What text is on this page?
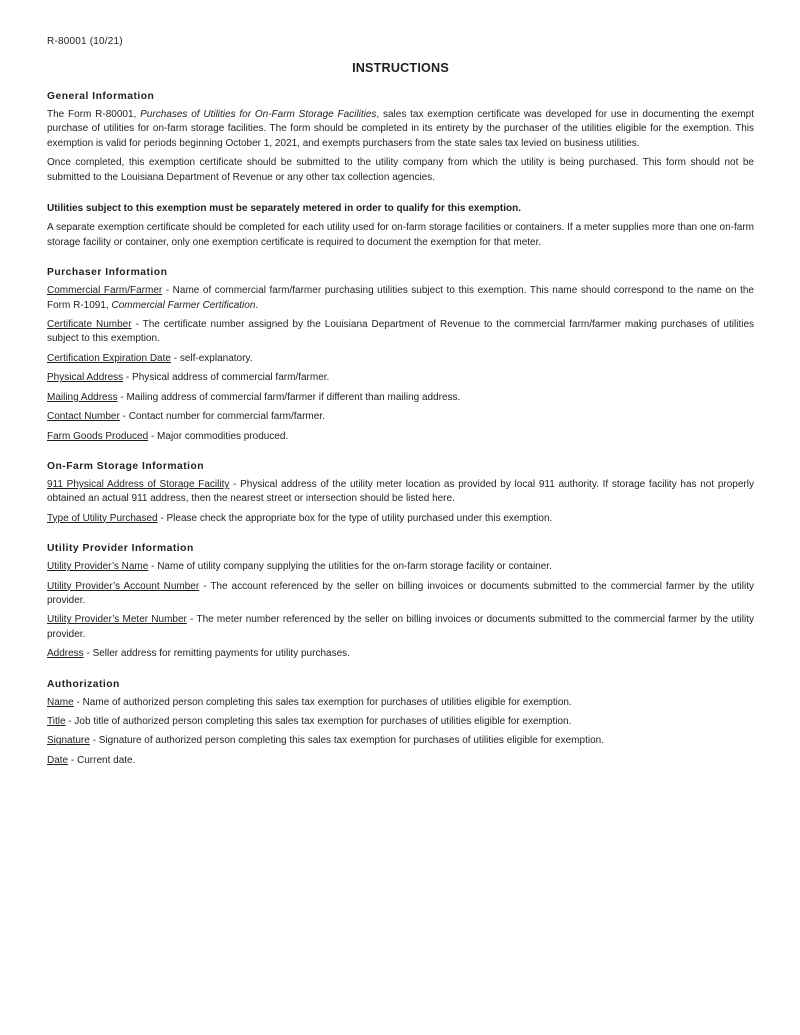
R-80001 (10/21)
INSTRUCTIONS
General Information

The Form R-80001, Purchases of Utilities for On-Farm Storage Facilities, sales tax exemption certificate was developed for use in documenting the exempt purchase of utilities for on-farm storage facilities. The form should be completed in its entirety by the purchaser of the utilities eligible for the exemption. This exemption is valid for periods beginning October 1, 2021, and exempts purchasers from the state sales tax levied on business utilities.

Once completed, this exemption certificate should be submitted to the utility company from which the utility is being purchased. This form should not be submitted to the Louisiana Department of Revenue or any other tax collection agencies.

Utilities subject to this exemption must be separately metered in order to qualify for this exemption.

A separate exemption certificate should be completed for each utility used for on-farm storage facilities or containers. If a meter supplies more than one on-farm storage facility or container, only one exemption certificate is required to document the exemption for that meter.

Purchaser Information

Commercial Farm/Farmer - Name of commercial farm/farmer purchasing utilities subject to this exemption. This name should correspond to the name on the Form R-1091, Commercial Farmer Certification.

Certificate Number - The certificate number assigned by the Louisiana Department of Revenue to the commercial farm/farmer making purchases of utilities subject to this exemption.

Certification Expiration Date - self-explanatory.

Physical Address - Physical address of commercial farm/farmer.

Mailing Address - Mailing address of commercial farm/farmer if different than mailing address.

Contact Number - Contact number for commercial farm/farmer.

Farm Goods Produced - Major commodities produced.

On-Farm Storage Information

911 Physical Address of Storage Facility - Physical address of the utility meter location as provided by local 911 authority. If storage facility has not properly obtained an actual 911 address, then the nearest street or intersection should be listed here.

Type of Utility Purchased - Please check the appropriate box for the type of utility purchased under this exemption.

Utility Provider Information

Utility Provider’s Name - Name of utility company supplying the utilities for the on-farm storage facility or container.

Utility Provider’s Account Number - The account referenced by the seller on billing invoices or documents submitted to the commercial farmer by the utility provider.

Utility Provider’s Meter Number - The meter number referenced by the seller on billing invoices or documents submitted to the commercial farmer by the utility provider.

Address - Seller address for remitting payments for utility purchases.

Authorization

Name - Name of authorized person completing this sales tax exemption for purchases of utilities eligible for exemption.

Title - Job title of authorized person completing this sales tax exemption for purchases of utilities eligible for exemption.

Signature - Signature of authorized person completing this sales tax exemption for purchases of utilities eligible for exemption.

Date - Current date.
